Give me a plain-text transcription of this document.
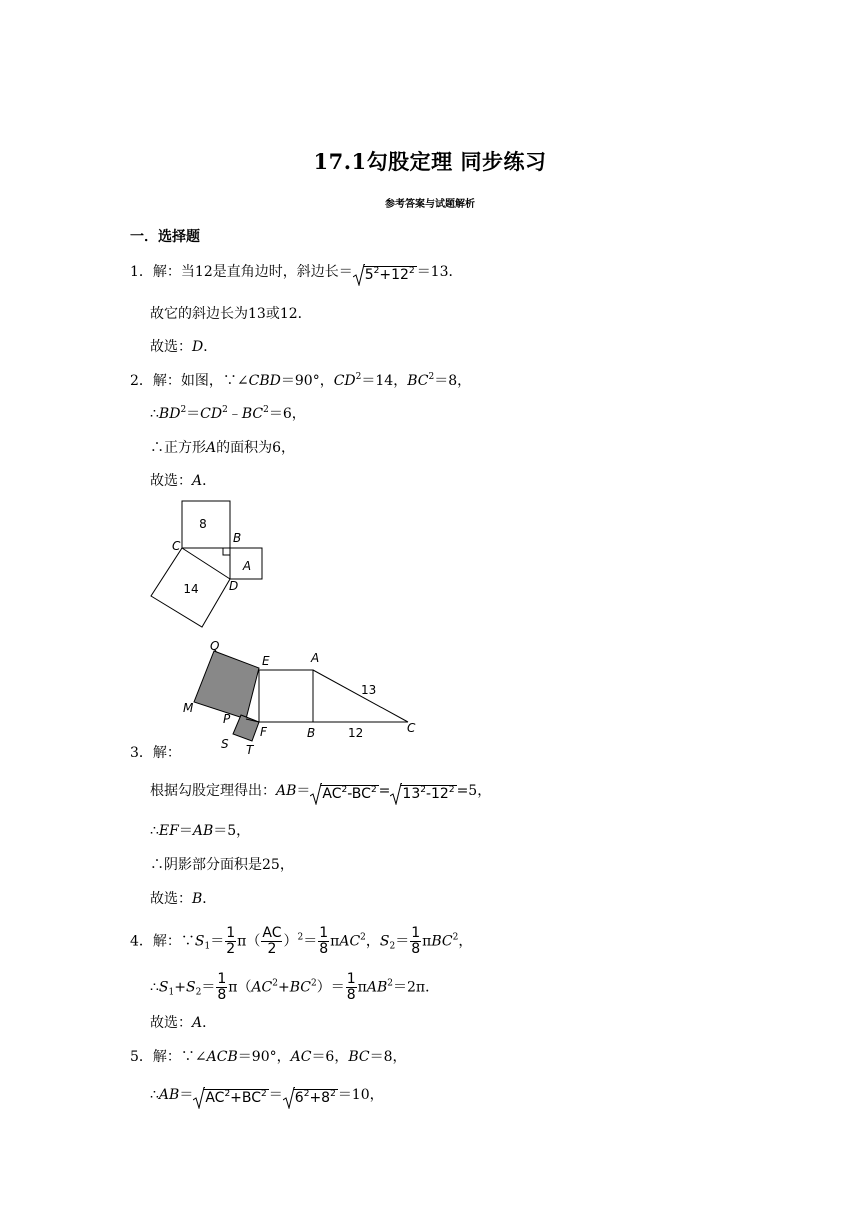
17.1勾股定理 同步练习
参考答案与试题解析
一．选择题
1．解：当12是直角边时，斜边长＝ $5^2+12^2 =13$．
故它的斜边长为13或12．
故选：D．
2．解：如图，∵∠CBD＝90°，$CD^2=14$，$BC^2=8$，
$\therefore BD^2=CD^2﹣BC^2=6$，
∴正方形A的面积为6，
故选：A．
8
A
14
C
B
D
Q
E	A
M
P
F	B	C
S T
13
12
3．解：
根据勾股定理得出：$AB= AC^2-BC^2 = 13^2-12^2 =5$，
∴EF＝AB＝5，
∴阴影部分面积是25，
故选：B．
4．解：$\because S_1= \frac{1}{2} \pi( \frac{AC}{2} )^2= \frac{1}{8} \pi AC^2$，$S_2= \frac{1}{8} \pi BC^2$，
$\therefore S_1+S_2= \frac{1}{8} \pi(AC^2+BC^2)= \frac{1}{8} \pi AB^2=2\pi$．
故选：A．
5．解：∵∠ACB＝90°，AC＝6，BC＝8，
∴AB＝ $AC^2+BC^2 = 6^2+8^2 =10$，
